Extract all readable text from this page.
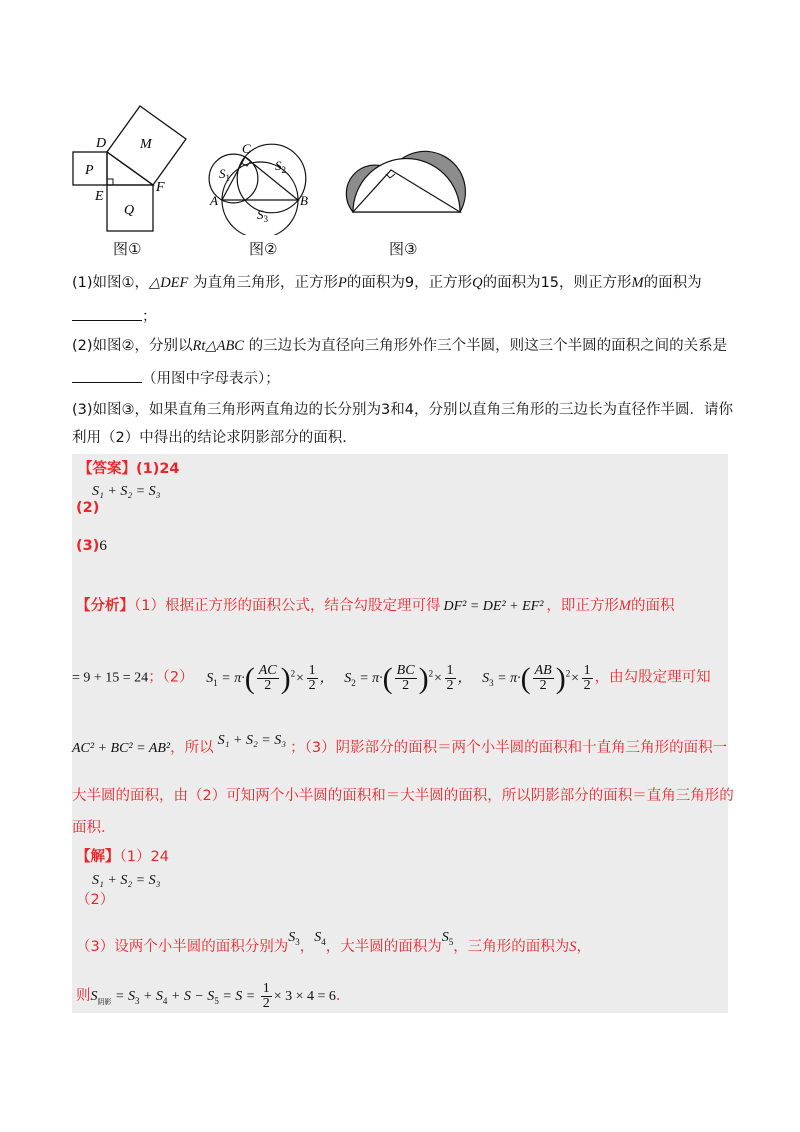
D M
P
E
F
Q
图①
C
$S_1$
$S_2$
A	B
$S_3$
图②	图③
(1)如图①，△DEF 为直角三角形，正方形P的面积为9，正方形Q的面积为15，则正方形M的面积为
；
(2)如图②，分别以Rt△ABC 的三边长为直径向三角形外作三个半圆，则这三个半圆的面积之间的关系是
（用图中字母表示）；
(3)如图③，如果直角三角形两直角边的长分别为3和4，分别以直角三角形的三边长为直径作半圆．请你
利用（2）中得出的结论求阴影部分的面积．
【答案】(1)24
S₁ + S₂ = S₃
(2)
(3)6
【分析】（1）根据正方形的面积公式，结合勾股定理可得 DF² = DE² + EF² ，即正方形M的面积
= 9 + 15 = 24；（2） $S_1 = \pi\cdot( \frac{AC}{2} )^2\times \frac{1}{2}$ ， $S_2 = \pi\cdot( \frac{BC}{2} )^2\times \frac{1}{2}$ ， $S_3 = \pi\cdot( \frac{AB}{2} )^2\times \frac{1}{2}$ ，由勾股定理可知
AC² + BC² = AB²，所以 S₁ + S₂ = S₃ ；（3）阴影部分的面积＝两个小半圆的面积和十直角三角形的面积一
大半圆的面积，由（2）可知两个小半圆的面积和＝大半圆的面积，所以阴影部分的面积＝直角三角形的
面积．
【解】（1）24
S₁ + S₂ = S₃
（2）
（3）设两个小半圆的面积分别为$S_3$，$S_4$，大半圆的面积为$S_5$，三角形的面积为S，
则$S_{阴影} = S_3 + S_4 + S - S_5 = S = \frac{1}{2} \times 3 \times 4 = 6$．
